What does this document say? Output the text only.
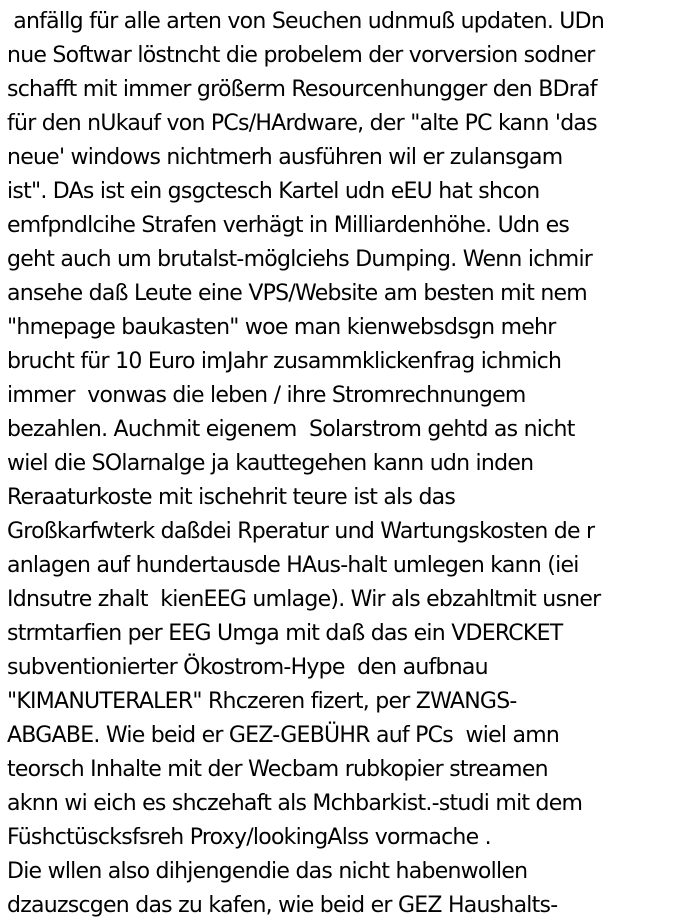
anfällg für alle arten von Seuchen udnmuß updaten. UDn
nue Softwar löstncht die probelem der vorversion sodner
schafft mit immer größerm Resourcenhungger den BDraf
für den nUkauf von PCs/HArdware, der "alte PC kann 'das
neue' windows nichtmerh ausführen wil er zulansgam
ist". DAs ist ein gsgctesch Kartel udn eEU hat shcon
emfpndlcihe Strafen verhägt in Milliardenhöhe. Udn es
geht auch um brutalst-möglciehs Dumping. Wenn ichmir
ansehe daß Leute eine VPS/Website am besten mit nem
"hmepage baukasten" woe man kienwebsdsgn mehr
brucht für 10 Euro imJahr zusammklickenfrag ichmich
immer  vonwas die leben / ihre Stromrechnungem
bezahlen. Auchmit eigenem  Solarstrom gehtd as nicht
wiel die SOlarnalge ja kauttegehen kann udn inden
Reraaturkoste mit ischehrit teure ist als das
Großkarfwterk daßdei Rperatur und Wartungskosten de r
anlagen auf hundertausde HAus-halt umlegen kann (iei
Idnsutre zhalt  kienEEG umlage). Wir als ebzahltmit usner
strmtarfien per EEG Umga mit daß das ein VDERCKET
subventionierter Ökostrom-Hype  den aufbnau
"KIMANUTERALER" Rhczeren fizert, per ZWANGS-
ABGABE. Wie beid er GEZ-GEBÜHR auf PCs  wiel amn
teorsch Inhalte mit der Wecbam rubkopier streamen
aknn wi eich es shczehaft als Mchbarkist.-studi mit dem
Füshctüscksfsreh Proxy/lookingAlss vormache .
Die wllen also dihjengendie das nicht habenwollen
dzauzscgen das zu kafen, wie beid er GEZ Haushalts-
